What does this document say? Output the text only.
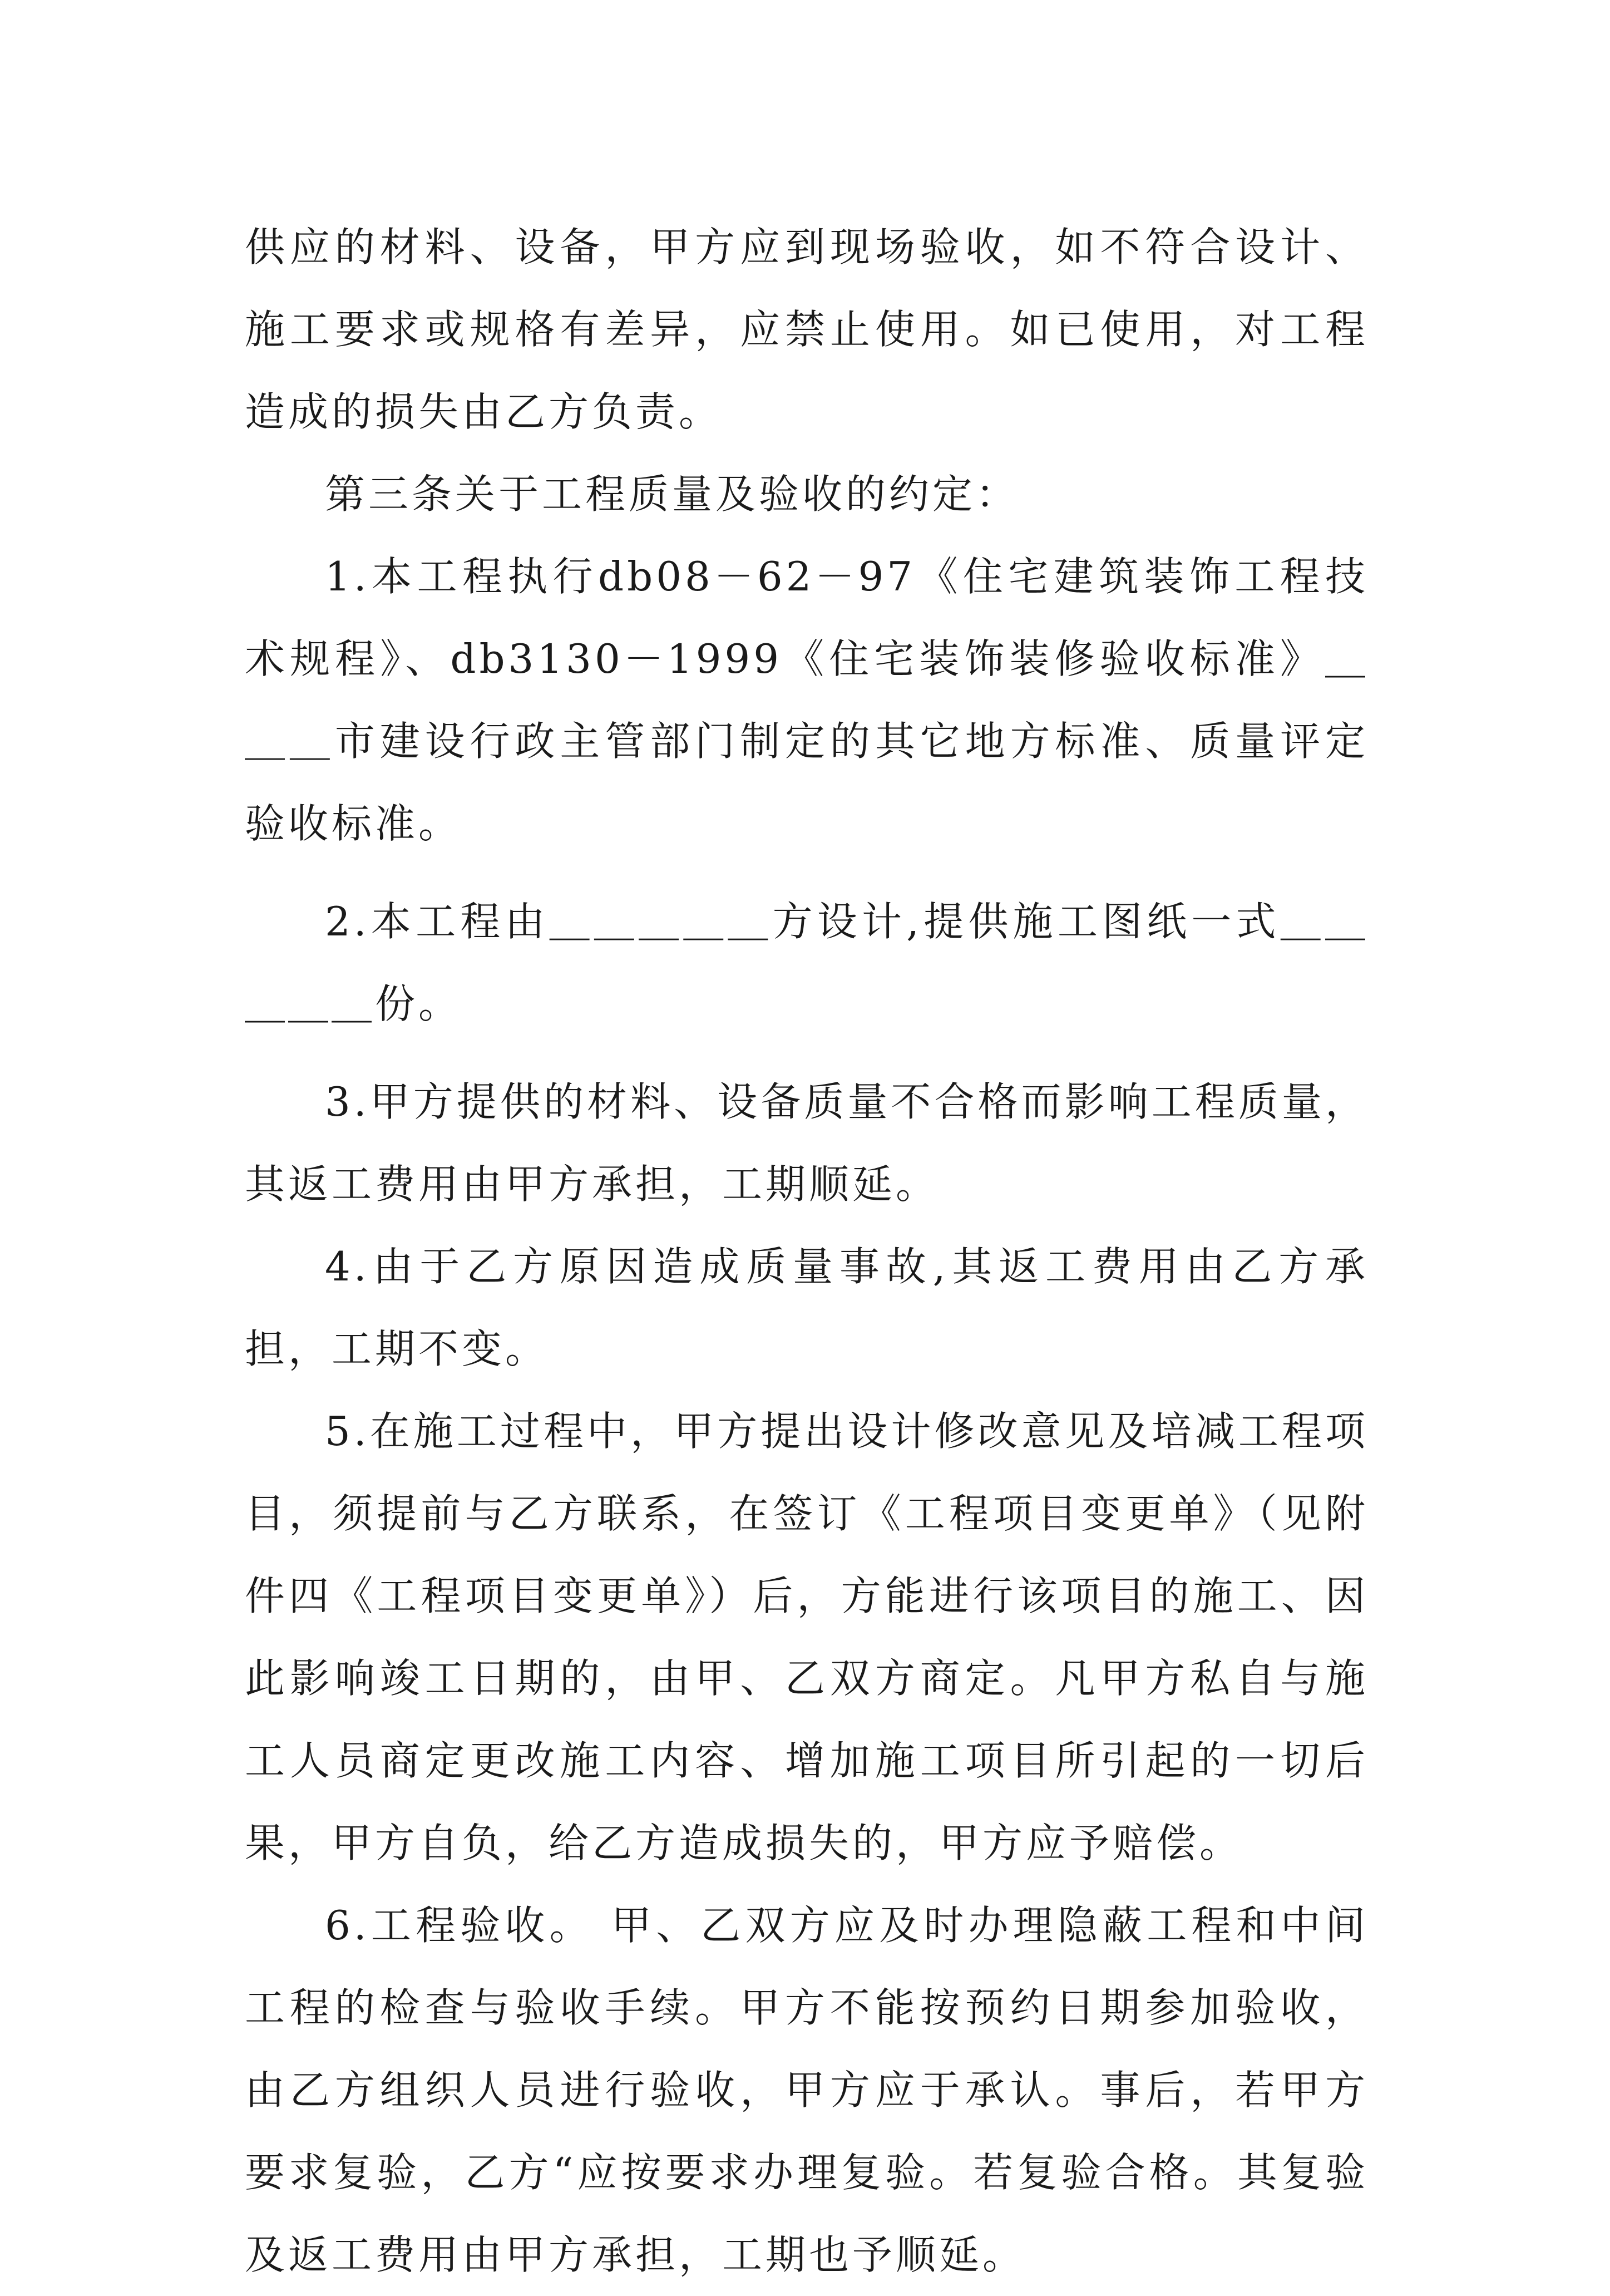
供应的材料、设备，甲方应到现场验收，如不符合设计、施工要求或规格有差异，应禁止使用。如已使用，对工程造成的损失由乙方负责。

第三条关于工程质量及验收的约定：

1.本工程执行db08－62－97《住宅建筑装饰工程技术规程》、db3130－1999《住宅装饰装修验收标准》＿＿＿市建设行政主管部门制定的其它地方标准、质量评定验收标准。

2.本工程由＿＿＿＿＿方设计,提供施工图纸一式＿＿＿＿＿份。

3.甲方提供的材料、设备质量不合格而影响工程质量，其返工费用由甲方承担，工期顺延。

4.由于乙方原因造成质量事故,其返工费用由乙方承担，工期不变。

5.在施工过程中，甲方提出设计修改意见及培减工程项目，须提前与乙方联系，在签订《工程项目变更单》（见附件四《工程项目变更单》）后，方能进行该项目的施工、因此影响竣工日期的，由甲、乙双方商定。凡甲方私自与施工人员商定更改施工内容、增加施工项目所引起的一切后果，甲方自负，给乙方造成损失的，甲方应予赔偿。

6.工程验收。 甲、乙双方应及时办理隐蔽工程和中间工程的检查与验收手续。甲方不能按预约日期参加验收，由乙方组织人员进行验收，甲方应于承认。事后，若甲方要求复验，乙方“应按要求办理复验。若复验合格。其复验及返工费用由甲方承担，工期也予顺延。
